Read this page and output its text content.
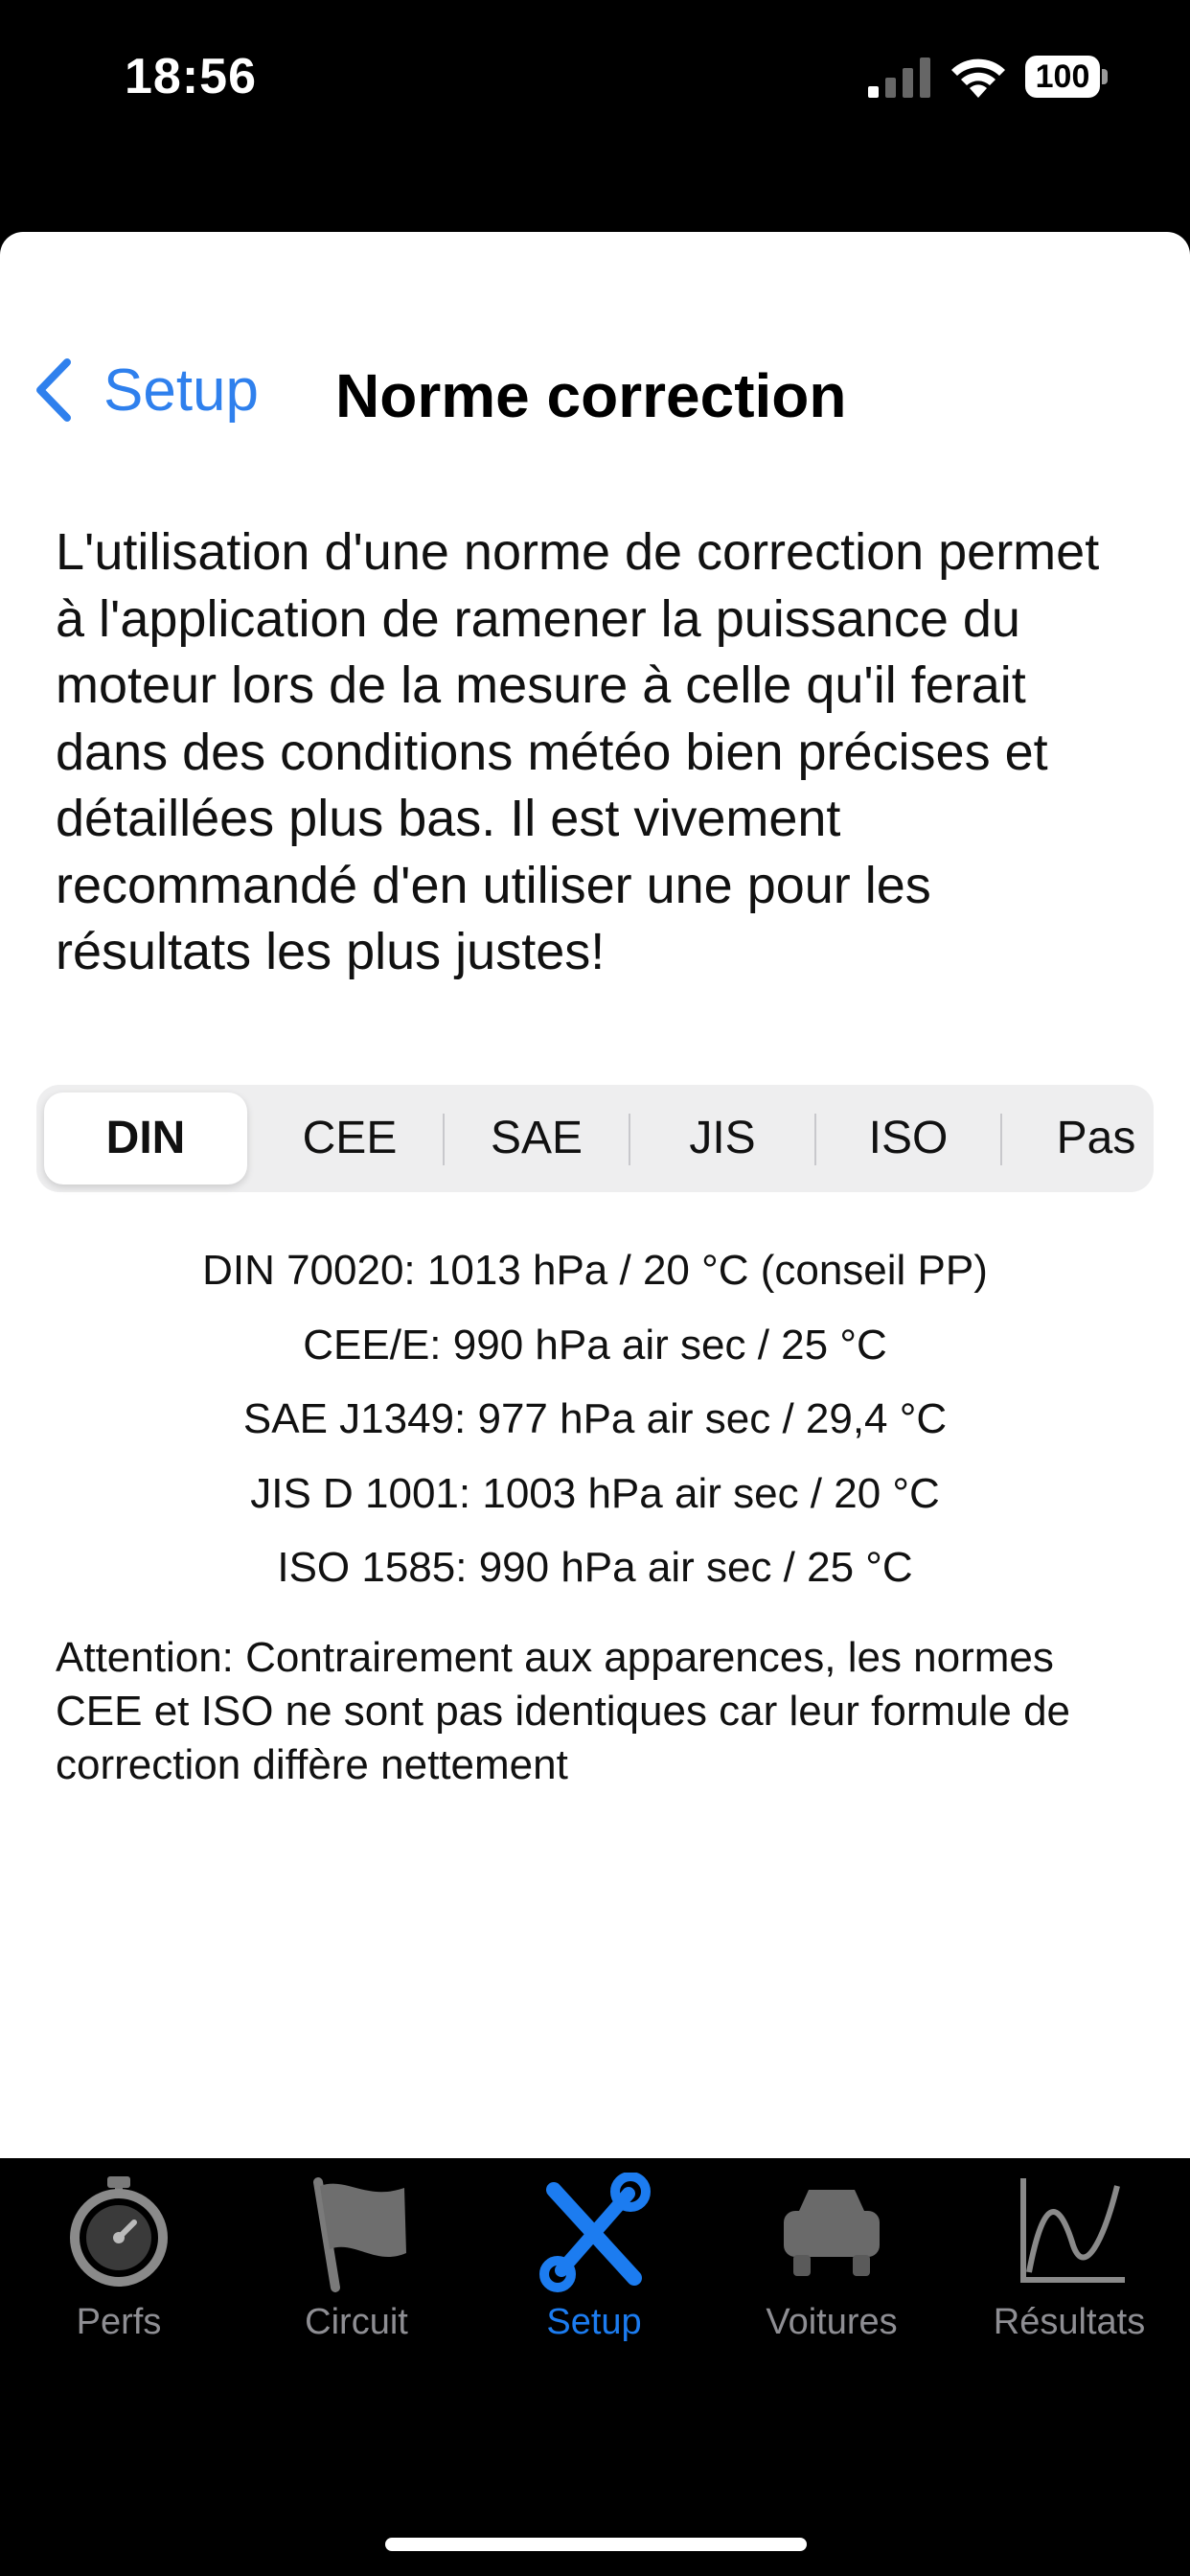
18:56	100
Setup Norme correction
L'utilisation d'une norme de correction permet à l'application de ramener la puissance du moteur lors de la mesure à celle qu'il ferait dans des conditions météo bien précises et détaillées plus bas. Il est vivement recommandé d'en utiliser une pour les résultats les plus justes!
DIN	CEE	SAE	JIS	ISO	Pas
DIN 70020: 1013 hPa / 20 °C (conseil PP)
CEE/E: 990 hPa air sec / 25 °C
SAE J1349: 977 hPa air sec / 29,4 °C
JIS D 1001: 1003 hPa air sec / 20 °C
ISO 1585: 990 hPa air sec / 25 °C
Attention: Contrairement aux apparences, les normes CEE et ISO ne sont pas identiques car leur formule de correction diffère nettement
Perfs	Circuit	Setup	Voitures	Résultats
